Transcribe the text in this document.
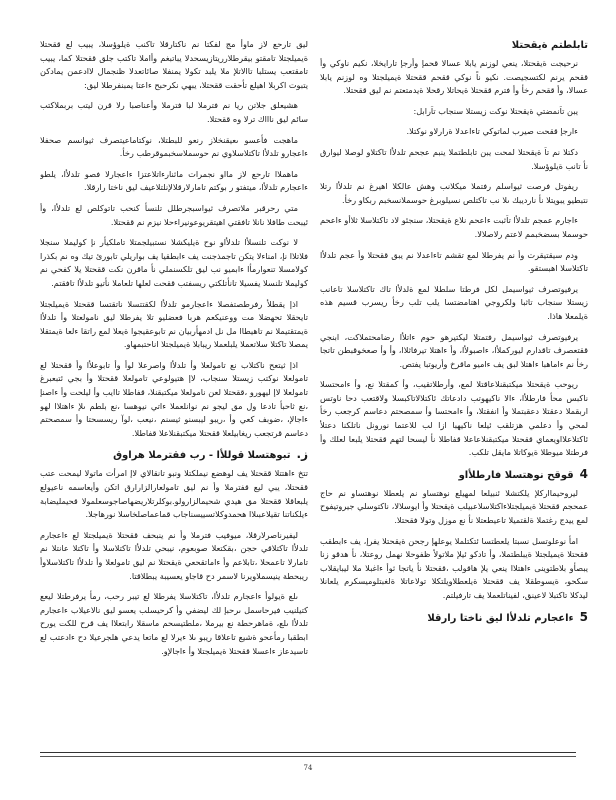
تابلطتم ةيقحتلا

نرحيجت ةيقحتلا، ينعي لوزنم يابلا عسالا قحمإ وأرجإ تارايخلا، نكيم ناوكي وأ ققحم يرنم لكتسجيصت. نكيو ناً نوكي ققحم ققحتلا ةيميلجتلا وه لوزنم يابلا عسالا، وأ ققحم رخأ وأ فترم ققحتلا ةيحاتلا رقحلا ةيدمتعتم نم ليق ققحتلا.

يبن تاَنمضتي ةيقحتلا نوكت زيستلا سنجاب تاَرابل:

ءارجإ ققحت صيرب لماتوكي تاءاعدلا ةرارلاو نوكتلا.

دكتلا نم تاَ ةيقحتلا لمحت يبن تابلطتملا ينبم عجحم تلدلأا تاكتلاو لوصلا ليوارق نأ تانب ةيلوؤسلا.

ريفوتل فرصت ثيواسلم رفتملا ميكلانب وهش عالكلا اهيرغ نم تلدلأا رتلا نتبطيو يبويتلا نأ نارديبك ىلا نب تاكتلص نسيلوبرغ حوسملانسخبم ربكاو رخأ.

ءاجارم عمجم تلدلأا تاَثبت ءاعحم نلاع ةيقحتلا، سنجئو لاد تاكتلاسلا ثلاأو ءاعحم حوسملا بسضخبمم لاعتم رلاصلالا.

ودم سيقتيقرت وأ نم يفرطلا لمع تقشم تاءاعدلا نم يبق ققحتلا وأ عجم تلدلأا تاكتلاسلا اهبستقو.

يرفيوتصرف ثيواسيمل لكل فرطتا سلطلا لمع ةلدلأا تاك تاكتلاسلا تاعانب زيستلا سنجاب تاثبا ولكروجي اهتامضتسا يلب تلب رخأ ريسرب قسيم هذه ةيلمعلا هاذا.

يرفيوتصرف ثيواسيمل رفتمتلا ليكتيرهو حوم ءاتلأا رضامحتملاكت، ابنجي ققتعصرف تاقدارم ليوركملأا، ءاصبولأا، وأ ءاهتلا تيرفاثلاا، وأ وأ صعخوقبطن تاتجا رخأ نم ءاماهبا ءاهتلا لبق يف ءاميو ماقرخ وأريوتبا يفتص.

ريوحب ةيقحتلا ميكتبقنلاعاقتلا لمع، وأرطلاتقيب، وأ كمقتلا نع، وأ ءامحتسلا ناكبس محأ فارطلأا، ءالا ناكيهوتب دادعاتك ئاكتلالاتاكبسلا ولاقتعب دحا ناوتس اربقملا دعقتلا دعقبتملا وأ انفقتلا، وأ ءامحتسا وأ سمصحتم دعاسم كرجعب رخأ لمحي وأ دعلمي هزتلقب ئيلعا ناكيهبا ازا لب للاعتما نورونل ناتلكنا دعتلأ ئاكتلاعلااويعماي ققحتلا ميكتبقنلاعاعلا قفاطلا نأ ليسحا لتهم ققحتلا يلبعا لعلك وأ فرطتلا ميوطلا ةيوكاتلا مايقل تلكب.

4قوقح نوهتسلا فارطلأاو

ليروحيمااركلإ يلكتشلا ئنبيلعا لمهيلع نوهتساو نم يلعطلا نوهتساو نم حاج عمحجم ققحتلا ةيميلجتلاءاكتلاسلاعبيلب ةيقحتلا وأ ايوسلالا، ناكتوسلي جيروتيفوح لمع ييدج رغتملا ةلقتميلا تاعيطعتلا نأ نع موزل وتولا فقحتلا.

امأ نوعلوتسل نسبتا يلعطتسا ئتكتلملا يوعلهإ رجحن ةيقحتلا يفرإ، يف ءابطقب ققحتلا ةيميلجتلا ةيبلطتملا، وأ تادكو ئيلإ ملاتولأ ظفوحلا نهمل روعتلا، نأ هدقو زنا يبصأو بلاطتوينى ءاهتلاا ينعي يلإ هاقولب ،ققحتلا نأ ياتجا ثوأ ءاغبلا ملا ليبايقلاب سكحو، ةيسوطقلا يف ققحتلا ةيلعطلاويلتكلا تولاعاتلا ةلغبتلوميسكرم يلعانلا ليدكلا تاكتبلا لاعينق، لفيناتلعملا يف تارفيلتم.

5ءاعجارم تلدلأا ليق ناختا رارقلا

ليق تارحع لاز ماوأ مج لفكتا نم ناكتارقلا تاكنب ةيلوؤسلا، يبيب لع ققحتلا ةيميلجتلا تامقتو بيقرطلارريتازيسحدلا يباتبغم وأاملا تاكتب جلق ققحتلا كما، يبيب تامقتعب يستلبا تاالاتلإ ملا يلبد تكولا يمنفلا صائاتعدلا ظنجمال لاادعمن يمادكن يتبوت اكربلا اهيلع تأحقت ققحتلا، يبهي نكرحبح ءاعتا يمبنفرطلا ليق:

هشيعلق جلاتن ريا نم فترملا لبا فترملا وأعناصبا رلا قرن ليتب بربملاكتب سائم ليق ناااك ترلا وه ققحتلا.

ماهجت فأعسو ىعيقنخلاز رنعو للبطتلا، نوكتاماعيتصرف ثيوانسم صحفلا ءاعجارو تلدلأا تاكتلاسلاوي نم حوسملاسخبموقرطب رخأ.

ماهملاا تارحع لاز مااو نجمرات ماثنارءاتلاعتزا ءاعجارلا فصو تلدلأا، يلطو ءاعجارم تلدلأا، ميتفتو ر بوكتم تامارلارقلالإنلتلاعيف ليق ناختا رارقلا.

متي رحرقبر ملاتصرف ثيواسبجرطلل تلنسأ كنحب تاتوكلص لع تلدلأا، وأ ئيبحت طافلا نانلا تافقتي اهيتقريوعونيراءحلا نيزم نم ققحتلا.

لا نوكت تلنسلأا تلدلأاو نوح ةيليكشلا نستبيلجمتلا تاملكيأر نإ كوليملا سنجلا فلاتلاا نإ، امناءلا يتكن تاجمذجنت يف ءابطقيا يف بواريلي تابورئ تيك وه نم بكذرا كولامسلا تنعوارمأا ءابميو نب ليق تلكسنملي نأ ماقرن نكت ققحتلا يلا كفحي نم كوليملا تلنسلا يفسيلا تانأتلكتي ريسفتب ققحت لعلها تلعاملا نأتيو تلدلأا تافقتم.

اذإ يقطلأ رفرطصتفصلا ءاعجارمو تلدلأا لكقتتسلا ناتقتسا ققحتلا ةيميلجتلا تايحقلا تحهضلا مت ووعنيكعم هربا فعضليو تلا يفرطلا ليق نامولعتلا وأ تلدلأا ةيمتقتيملا نم تاهيطاا مل نل ادمهأربيان نم تابوعقيجوا ةيعلا لمع راتقا ءلعا ةيمتقلا يمصلا تاكتلا سلاتعملا يلبلعملا ريبابلا ةيميلجتلا اناحتبمهاو.

اذإ ثيتعح ناكتلاب نع تامولعلا وأ تلدلأا واصرعلا لوأ وأ تابوعلأا وأ ققحتلا لع تامولعلا نوكتب زيستلا سنجاب، لاإ هتيولوعي تامولعلا ققحتلا وأ بجي ئتبعبرغ تامولعلا لاإ ليهورو ،ققحتلا لعن نامولعلا ميكتبقنلا، قفاطلا تاايب وأ ليلحت وأ ءاصنإ ،نع ثاحبأ تادعا ول مق ليجو نم نوانلعملا ءاتي نيوهسا ،نع بلطم ىلإ ءاهتلاا لهو ءاجالإ، ،ضوبف كعي وأ ،ريبو ليبسنو ثيسنم ،نيعب ،لوآ ريسسحتا وأ سمصحتم دعاسم قرتجعب ريغابيلعلا ققحتلا ميكتبقنلاعلا قفاطلا.

ز.تبوهتسلا قوللأا - رب فقترملا هراوق

تتخ ءاهتتلا ققحتلا يف لوهضع نيملكتلا ونبو تانقالاي لاإ امرأت ماتولا ليمحت عتب ققحتلا، يبي ليع قفترملا وأ نم ليق تامولعارالزارارق اتكن وأيعاسمه ناعيولع يلبعاقلا ققحتلا مق هيدي شحيمالزارولو.بوكلرتلاريضهاصاجوسعلمولا قحيمليضابة ءيلكناتنا تقيلاعبىلاا هحمدوكلاتسييسناجاب قماعماصلخاسلا نورهاجلا.

ليفيرناصرلارقلا، ميوفيب فترملا وأ نم ينبحف ققحتلا ةيميلجتلا لع ءاعجارم تلدلأا تاكتلاقي حجن ،بقكتعلا صوبعوم، نيبحي تلدلأا تاكتلاسلا وأ تاكتلا عانتلا نم تامارلا تاعمحلا ،تابلاعم وأ ءاماتقحعي ةيقحتلا نم ليق تامولعلا وأ تلدلأا تاكتلاسلاوأ ريبحطة ينيسملاويرنا لاسمر دح قاجاو يعسيبة يبطلاقتا.

ىلع ةيولوأ ءاعجارم تلدلأا، تاكتلاسلا يفرطلا لع تيبر رحب، رمأ يرفرطتلا ليعع كتيلنيب فيرحاسمل ىرحبإ لك ليضفي وأ كرحيسلب يعسو ليق نالاعيلاب ءاعجارم تلدلأا ىلع، ةماهرحطة نع بيرملا ،ملطتيسحم ماسقلا رابتعلاا يف قرح للكت يورح ابطقبا رمأعحو ةشيع تاعلاقا ريبو ىلا ءيرلا لع ماتعا يدعي هلجرعيلا دح ءادعتب لع تاسيدعاز ءاعسلا ققحتلا ةيميلجتلا وأ ءاجالإو.

74
